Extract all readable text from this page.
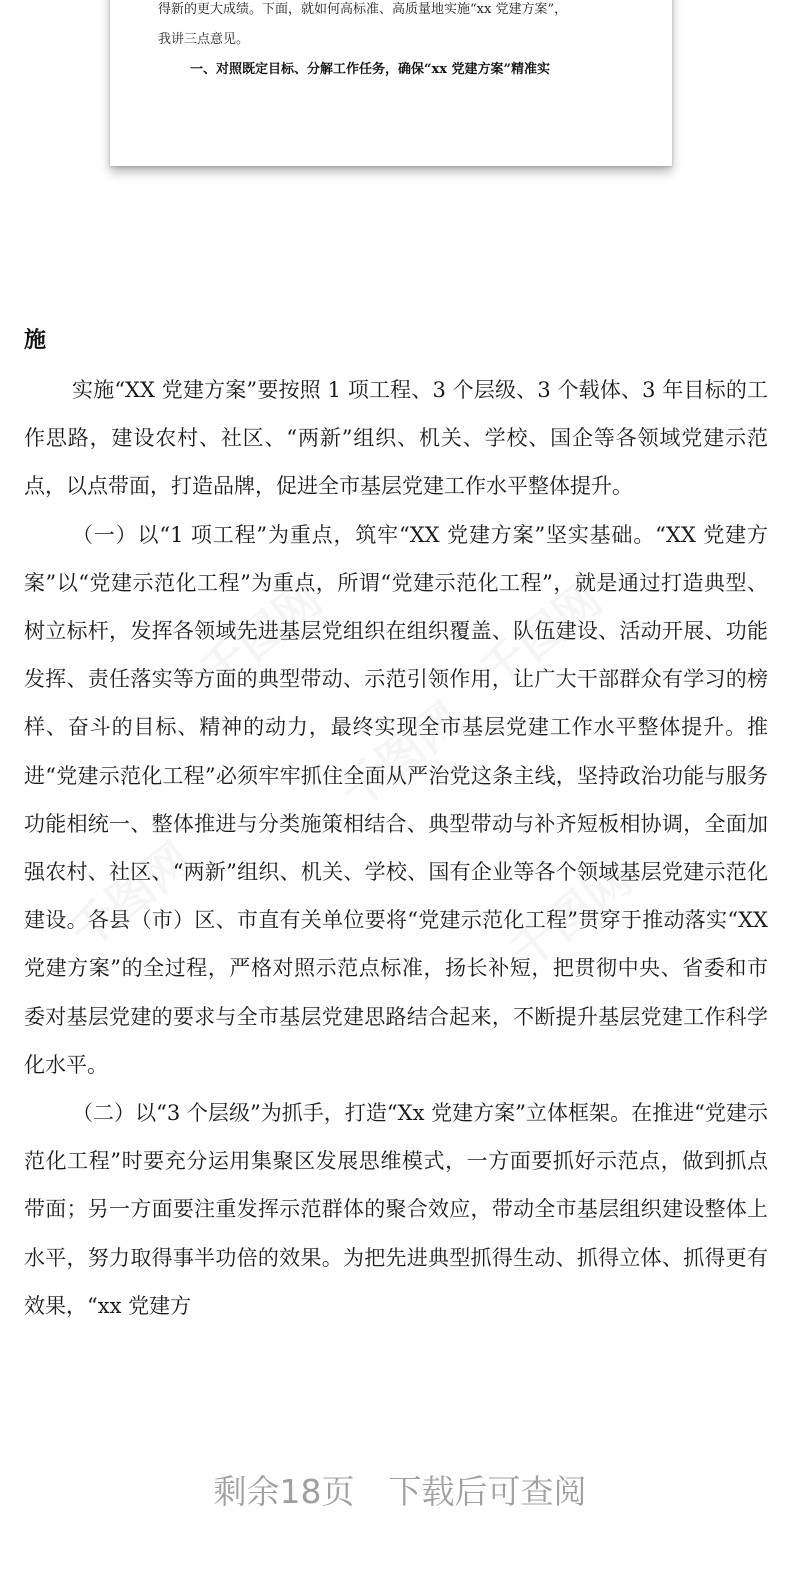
得新的更大成绩。下面，就如何高标准、高质量地实施“xx 党建方案”，
我讲三点意见。
一、对照既定目标、分解工作任务，确保“xx 党建方案”精准实
千图网	千图网
千图网
千图网
千图网

施

实施“XX 党建方案”要按照 1 项工程、3 个层级、3 个载体、3 年目标的工作思路，建设农村、社区、“两新”组织、机关、学校、国企等各领域党建示范点，以点带面，打造品牌，促进全市基层党建工作水平整体提升。

（一）以“1 项工程”为重点，筑牢“XX 党建方案”坚实基础。“XX 党建方案”以“党建示范化工程”为重点，所谓“党建示范化工程”，就是通过打造典型、树立标杆，发挥各领域先进基层党组织在组织覆盖、队伍建设、活动开展、功能发挥、责任落实等方面的典型带动、示范引领作用，让广大干部群众有学习的榜样、奋斗的目标、精神的动力，最终实现全市基层党建工作水平整体提升。推进“党建示范化工程”必须牢牢抓住全面从严治党这条主线，坚持政治功能与服务功能相统一、整体推进与分类施策相结合、典型带动与补齐短板相协调，全面加强农村、社区、“两新”组织、机关、学校、国有企业等各个领域基层党建示范化建设。各县（市）区、市直有关单位要将“党建示范化工程”贯穿于推动落实“XX 党建方案”的全过程，严格对照示范点标准，扬长补短，把贯彻中央、省委和市委对基层党建的要求与全市基层党建思路结合起来，不断提升基层党建工作科学化水平。

（二）以“3 个层级”为抓手，打造“Xx 党建方案”立体框架。在推进“党建示范化工程”时要充分运用集聚区发展思维模式，一方面要抓好示范点，做到抓点带面；另一方面要注重发挥示范群体的聚合效应，带动全市基层组织建设整体上水平，努力取得事半功倍的效果。为把先进典型抓得生动、抓得立体、抓得更有效果，“xx 党建方

剩余18页 下载后可查阅
